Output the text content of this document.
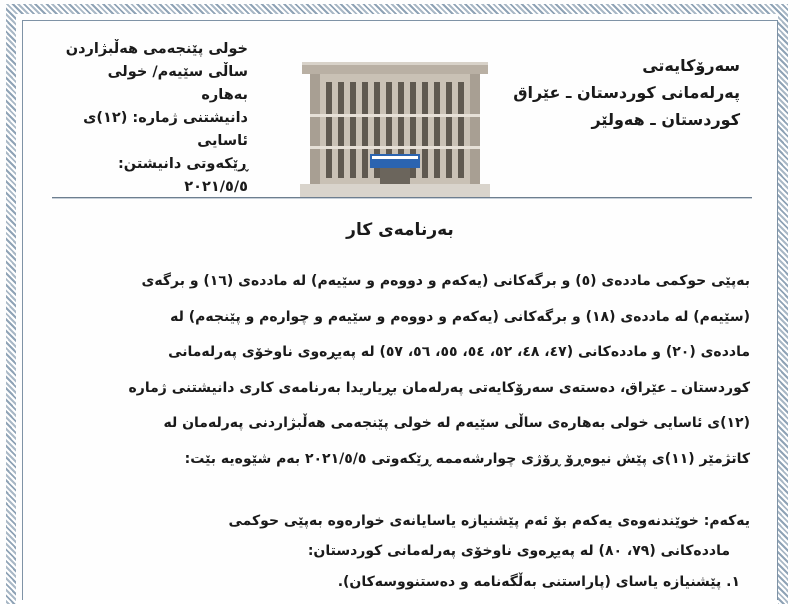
خولی پێنجەمی هەڵبژاردن
ساڵی سێیەم/ خولی بەهارە
دانیشتنی ژمارە: (١٢)ی ئاسایی
ڕێکەوتی دانیشتن: ٢٠٢١/٥/٥
سەرۆکایەتی
پەرلەمانی کوردستان ـ عێراق
کوردستان ـ هەولێر
بەرنامەی کار

بەپێی حوکمی ماددەی (٥) و برگەکانی (یەکەم و دووەم و سێیەم) لە ماددەی (١٦) و برگەی

(سێیەم) لە ماددەی (١٨) و برگەکانی (یەکەم و دووەم و سێیەم و چوارەم و پێنجەم) لە

ماددەی (٢٠) و ماددەکانی (٤٧، ٤٨، ٥٢، ٥٤، ٥٥، ٥٦، ٥٧) لە پەیڕەوی ناوخۆی پەرلەمانی

کوردستان ـ عێراق، دەستەی سەرۆکایەتی پەرلەمان بڕیاریدا بەرنامەی کاری دانیشتنی ژمارە

(١٢)ی ئاسایی خولی بەهارەی ساڵی سێیەم لە خولی پێنجەمی هەڵبژاردنی پەرلەمان لە

کاتژمێر (١١)ی پێش نیوەڕۆ ڕۆژی چوارشەممە ڕێکەوتی ٢٠٢١/٥/٥ بەم شێوەیە بێت:

یەکەم: خوێندنەوەی یەکەم بۆ ئەم پێشنیازە یاسایانەی خوارەوە بەپێی حوکمی
ماددەکانی (٧٩، ٨٠) لە پەیڕەوی ناوخۆی پەرلەمانی کوردستان:
١. پێشنیازە یاسای (پاراستنی بەڵگەنامە و دەستنووسەکان).
